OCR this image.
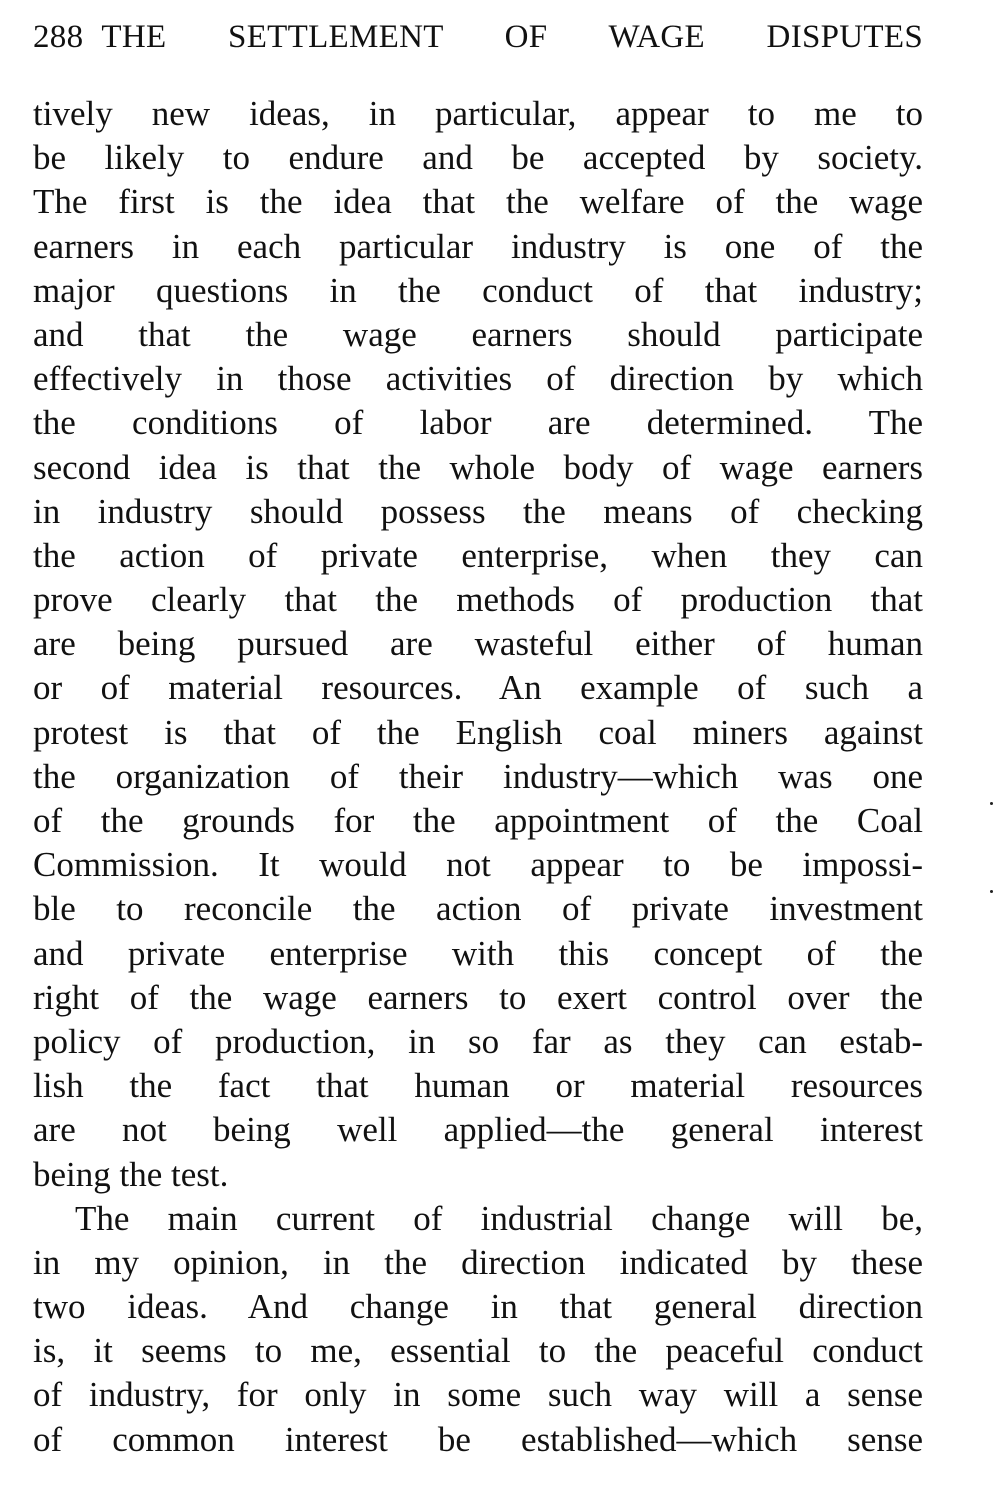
288 THE SETTLEMENT OF WAGE DISPUTES
tively new ideas, in particular, appear to me to
be likely to endure and be accepted by society.
The first is the idea that the welfare of the wage
earners in each particular industry is one of the
major questions in the conduct of that industry;
and that the wage earners should participate
effectively in those activities of direction by which
the conditions of labor are determined. The
second idea is that the whole body of wage earners
in industry should possess the means of checking
the action of private enterprise, when they can
prove clearly that the methods of production that
are being pursued are wasteful either of human
or of material resources. An example of such a
protest is that of the English coal miners against
the organization of their industry—which was one
of the grounds for the appointment of the Coal
Commission. It would not appear to be impossi-
ble to reconcile the action of private investment
and private enterprise with this concept of the
right of the wage earners to exert control over the
policy of production, in so far as they can estab-
lish the fact that human or material resources
are not being well applied—the general interest
being the test.
The main current of industrial change will be,
in my opinion, in the direction indicated by these
two ideas. And change in that general direction
is, it seems to me, essential to the peaceful conduct
of industry, for only in some such way will a sense
of common interest be established—which sense
